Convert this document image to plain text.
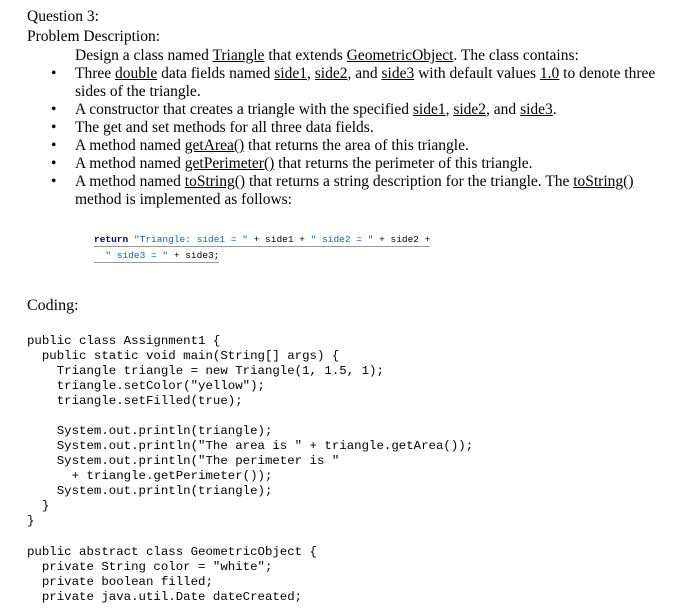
Question 3:
Problem Description:
Design a class named Triangle that extends GeometricObject. The class contains:
• Three double data fields named side1, side2, and side3 with default values 1.0 to denote three sides of the triangle.
• A constructor that creates a triangle with the specified side1, side2, and side3.
• The get and set methods for all three data fields.
• A method named getArea() that returns the area of this triangle.
• A method named getPerimeter() that returns the perimeter of this triangle.
• A method named toString() that returns a string description for the triangle. The toString() method is implemented as follows:
return "Triangle: side1 = " + side1 + " side2 = " + side2 +
" side3 = " + side3;
Coding:
public class Assignment1 {
public static void main(String[] args) {
Triangle triangle = new Triangle(1, 1.5, 1);
triangle.setColor("yellow");
triangle.setFilled(true);

System.out.println(triangle);
System.out.println("The area is " + triangle.getArea());
System.out.println("The perimeter is "
+ triangle.getPerimeter());
System.out.println(triangle);
}
}
public abstract class GeometricObject {
private String color = "white";
private boolean filled;
private java.util.Date dateCreated;
